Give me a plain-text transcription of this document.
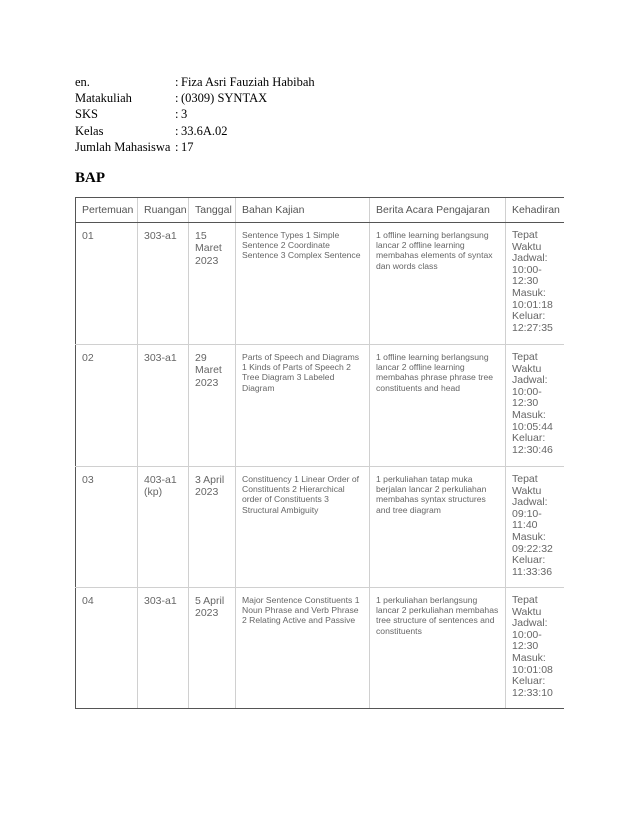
en.	: Fiza Asri Fauziah Habibah
Matakuliah	: (0309) SYNTAX
SKS	: 3
Kelas	: 33.6A.02
Jumlah Mahasiswa : 17
BAP
Pertemuan	Ruangan	Tanggal	Bahan Kajian	Berita Acara Pengajaran	Kehadiran
01	303-a1	15 Maret 2023	Sentence Types 1 Simple Sentence 2 Coordinate Sentence 3 Complex Sentence	1 offline learning berlangsung lancar 2 offline learning membahas elements of syntax dan words class	Tepat Waktu Jadwal: 10:00-12:30 Masuk: 10:01:18 Keluar: 12:27:35
02	303-a1	29 Maret 2023	Parts of Speech and Diagrams 1 Kinds of Parts of Speech 2 Tree Diagram 3 Labeled Diagram	1 offline learning berlangsung lancar 2 offline learning membahas phrase phrase tree constituents and head	Tepat Waktu Jadwal: 10:00-12:30 Masuk: 10:05:44 Keluar: 12:30:46
03	403-a1 (kp)	3 April 2023	Constituency 1 Linear Order of Constituents 2 Hierarchical order of Constituents 3 Structural Ambiguity	1 perkuliahan tatap muka berjalan lancar 2 perkuliahan membahas syntax structures and tree diagram	Tepat Waktu Jadwal: 09:10-11:40 Masuk: 09:22:32 Keluar: 11:33:36
04	303-a1	5 April 2023	Major Sentence Constituents 1 Noun Phrase and Verb Phrase 2 Relating Active and Passive	1 perkuliahan berlangsung lancar 2 perkuliahan membahas tree structure of sentences and constituents	Tepat Waktu Jadwal: 10:00-12:30 Masuk: 10:01:08 Keluar: 12:33:10
